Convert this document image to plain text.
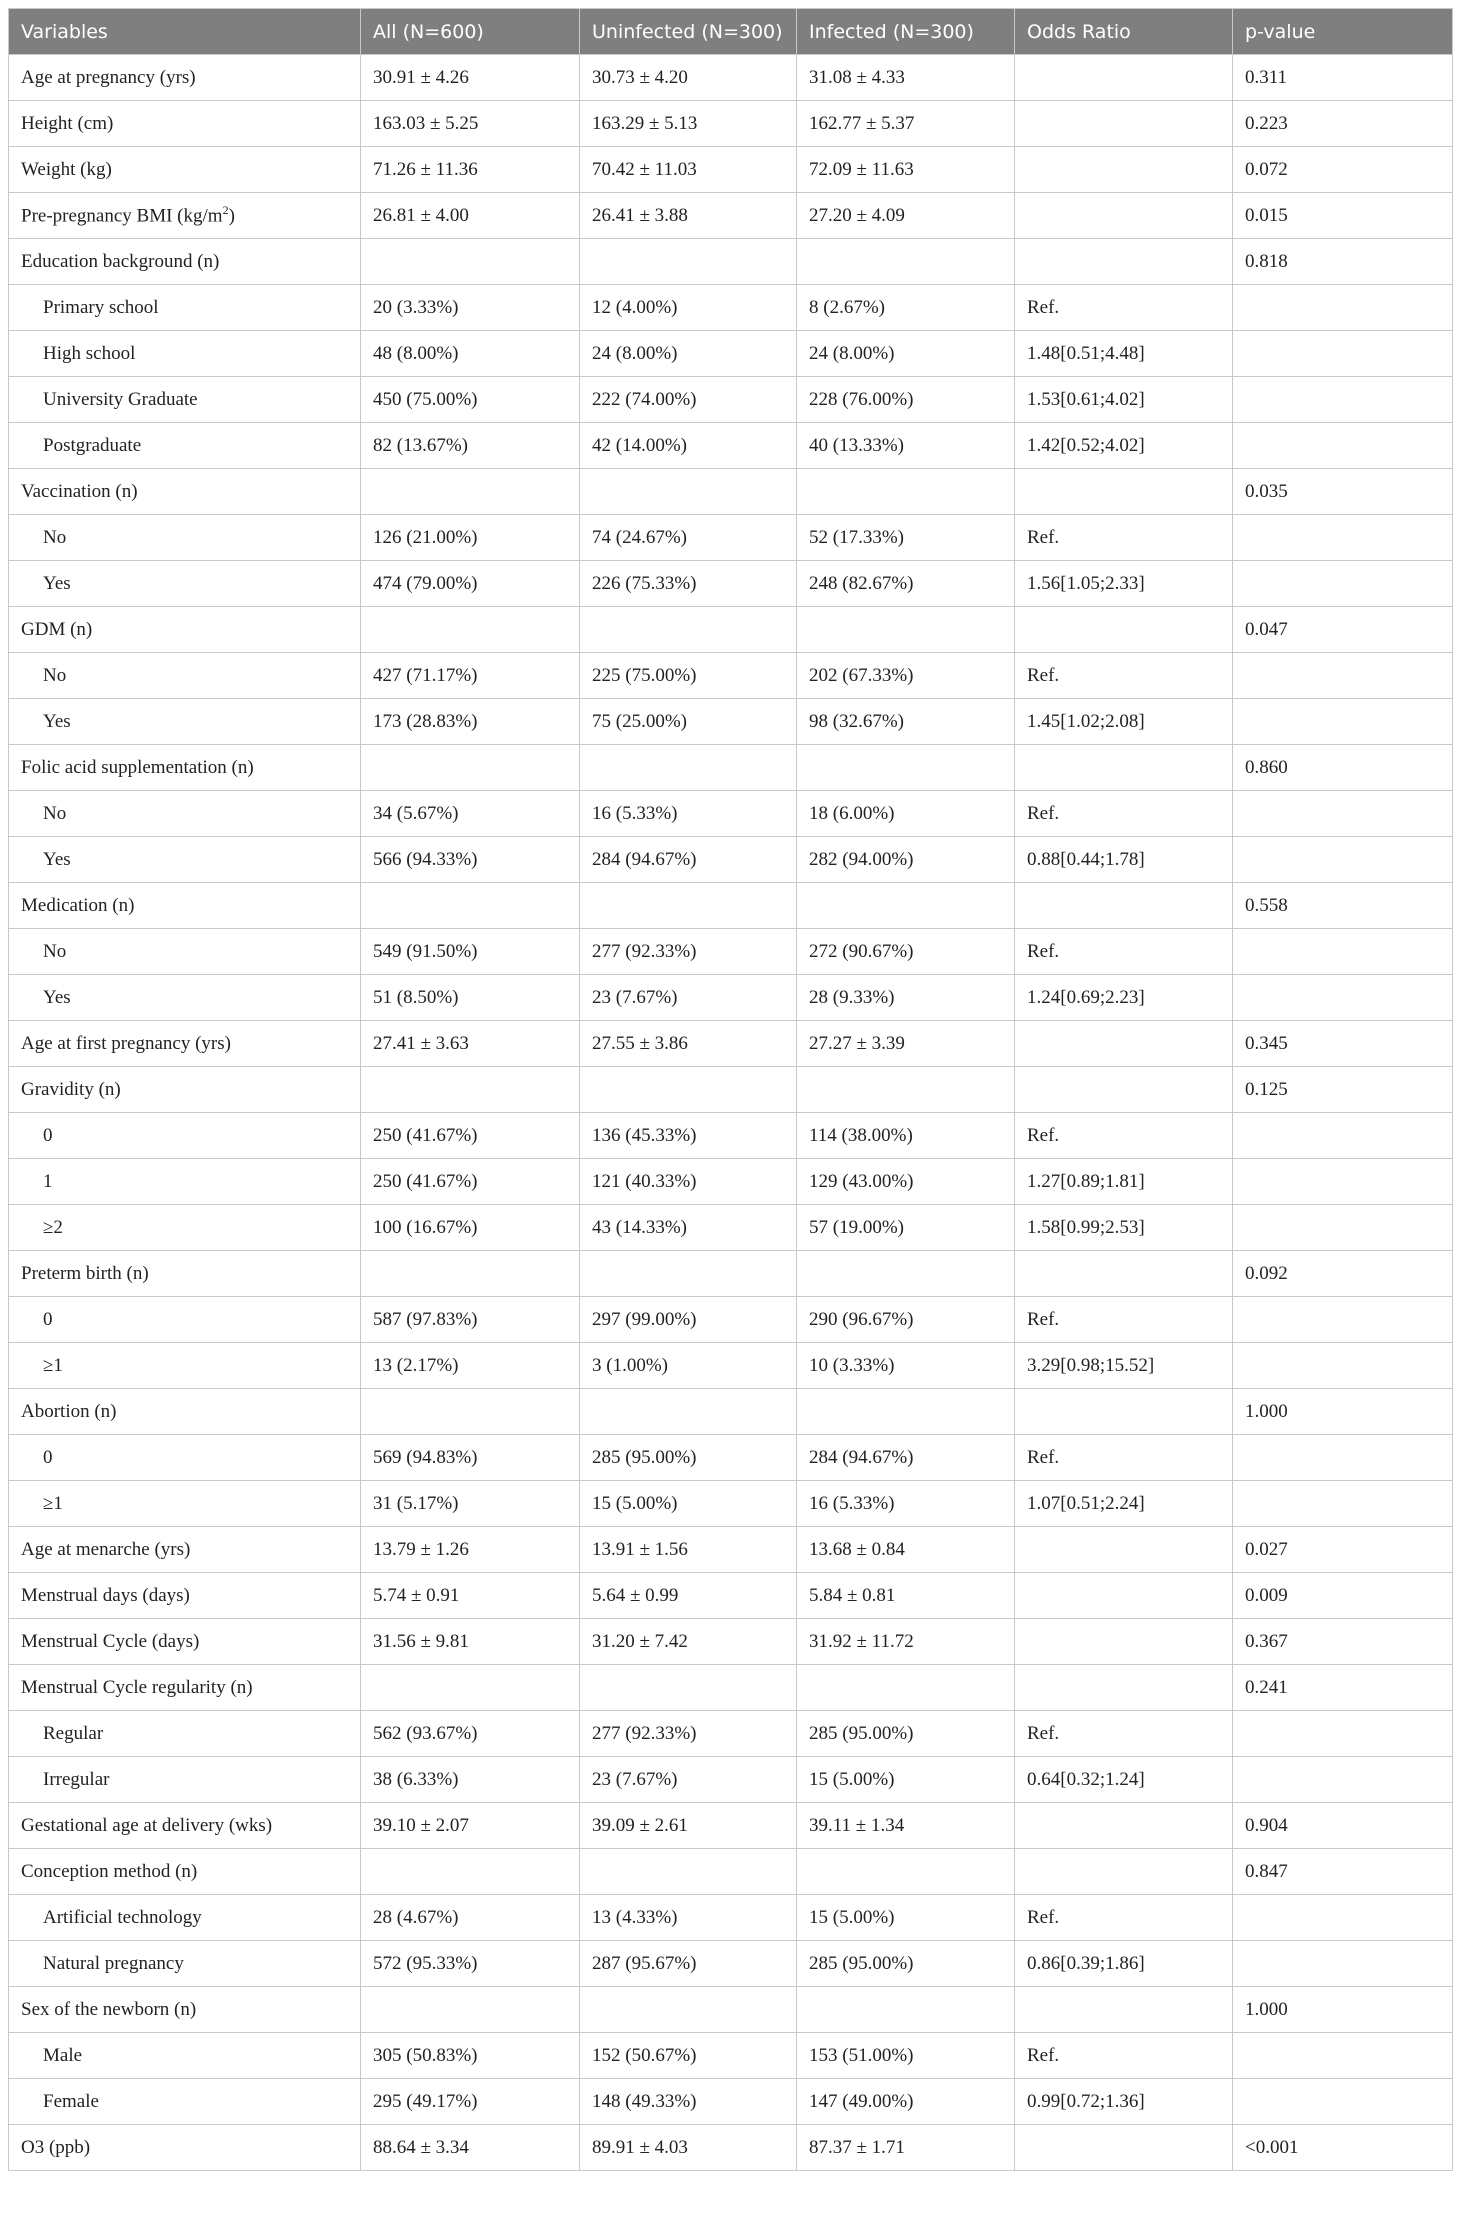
Variables	All (N=600)	Uninfected (N=300)	Infected (N=300)	Odds Ratio	p-value
Age at pregnancy (yrs)	30.91 ± 4.26	30.73 ± 4.20	31.08 ± 4.33		0.311
Height (cm)	163.03 ± 5.25	163.29 ± 5.13	162.77 ± 5.37		0.223
Weight (kg)	71.26 ± 11.36	70.42 ± 11.03	72.09 ± 11.63		0.072
Pre-pregnancy BMI $(kg/m^2)$	26.81 ± 4.00	26.41 ± 3.88	27.20 ± 4.09		0.015
Education background (n)					0.818
Primary school	20 (3.33%)	12 (4.00%)	8 (2.67%)	Ref.	
High school	48 (8.00%)	24 (8.00%)	24 (8.00%)	1.48[0.51;4.48]	
University Graduate	450 (75.00%)	222 (74.00%)	228 (76.00%)	1.53[0.61;4.02]	
Postgraduate	82 (13.67%)	42 (14.00%)	40 (13.33%)	1.42[0.52;4.02]	
Vaccination (n)					0.035
No	126 (21.00%)	74 (24.67%)	52 (17.33%)	Ref.	
Yes	474 (79.00%)	226 (75.33%)	248 (82.67%)	1.56[1.05;2.33]	
GDM (n)					0.047
No	427 (71.17%)	225 (75.00%)	202 (67.33%)	Ref.	
Yes	173 (28.83%)	75 (25.00%)	98 (32.67%)	1.45[1.02;2.08]	
Folic acid supplementation (n)					0.860
No	34 (5.67%)	16 (5.33%)	18 (6.00%)	Ref.	
Yes	566 (94.33%)	284 (94.67%)	282 (94.00%)	0.88[0.44;1.78]	
Medication (n)					0.558
No	549 (91.50%)	277 (92.33%)	272 (90.67%)	Ref.	
Yes	51 (8.50%)	23 (7.67%)	28 (9.33%)	1.24[0.69;2.23]	
Age at first pregnancy (yrs)	27.41 ± 3.63	27.55 ± 3.86	27.27 ± 3.39		0.345
Gravidity (n)					0.125
0	250 (41.67%)	136 (45.33%)	114 (38.00%)	Ref.	
1	250 (41.67%)	121 (40.33%)	129 (43.00%)	1.27[0.89;1.81]	
≥2	100 (16.67%)	43 (14.33%)	57 (19.00%)	1.58[0.99;2.53]	
Preterm birth (n)					0.092
0	587 (97.83%)	297 (99.00%)	290 (96.67%)	Ref.	
≥1	13 (2.17%)	3 (1.00%)	10 (3.33%)	3.29[0.98;15.52]	
Abortion (n)					1.000
0	569 (94.83%)	285 (95.00%)	284 (94.67%)	Ref.	
≥1	31 (5.17%)	15 (5.00%)	16 (5.33%)	1.07[0.51;2.24]	
Age at menarche (yrs)	13.79 ± 1.26	13.91 ± 1.56	13.68 ± 0.84		0.027
Menstrual days (days)	5.74 ± 0.91	5.64 ± 0.99	5.84 ± 0.81		0.009
Menstrual Cycle (days)	31.56 ± 9.81	31.20 ± 7.42	31.92 ± 11.72		0.367
Menstrual Cycle regularity (n)					0.241
Regular	562 (93.67%)	277 (92.33%)	285 (95.00%)	Ref.	
Irregular	38 (6.33%)	23 (7.67%)	15 (5.00%)	0.64[0.32;1.24]	
Gestational age at delivery (wks)	39.10 ± 2.07	39.09 ± 2.61	39.11 ± 1.34		0.904
Conception method (n)					0.847
Artificial technology	28 (4.67%)	13 (4.33%)	15 (5.00%)	Ref.	
Natural pregnancy	572 (95.33%)	287 (95.67%)	285 (95.00%)	0.86[0.39;1.86]	
Sex of the newborn (n)					1.000
Male	305 (50.83%)	152 (50.67%)	153 (51.00%)	Ref.	
Female	295 (49.17%)	148 (49.33%)	147 (49.00%)	0.99[0.72;1.36]	
O3 (ppb)	88.64 ± 3.34	89.91 ± 4.03	87.37 ± 1.71		<0.001
